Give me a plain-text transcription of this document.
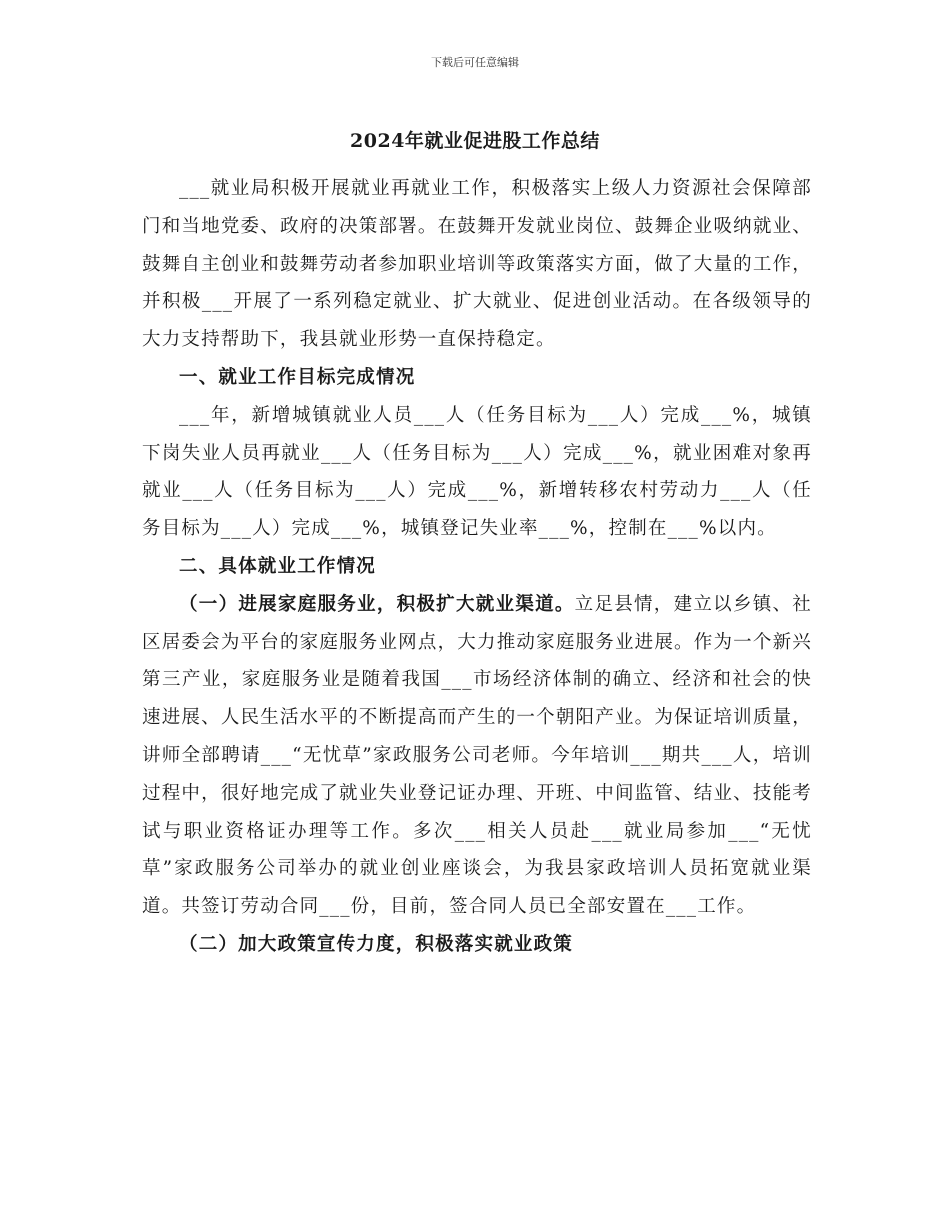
下载后可任意编辑
2024年就业促进股工作总结

___就业局积极开展就业再就业工作，积极落实上级人力资源社会保障部门和当地党委、政府的决策部署。在鼓舞开发就业岗位、鼓舞企业吸纳就业、鼓舞自主创业和鼓舞劳动者参加职业培训等政策落实方面，做了大量的工作，并积极___开展了一系列稳定就业、扩大就业、促进创业活动。在各级领导的大力支持帮助下，我县就业形势一直保持稳定。

一、就业工作目标完成情况

___年，新增城镇就业人员___人（任务目标为___人）完成___%，城镇下岗失业人员再就业___人（任务目标为___人）完成___%，就业困难对象再就业___人（任务目标为___人）完成___%，新增转移农村劳动力___人（任务目标为___人）完成___%，城镇登记失业率___%，控制在___%以内。

二、具体就业工作情况

（一）进展家庭服务业，积极扩大就业渠道。立足县情，建立以乡镇、社区居委会为平台的家庭服务业网点，大力推动家庭服务业进展。作为一个新兴第三产业，家庭服务业是随着我国___市场经济体制的确立、经济和社会的快速进展、人民生活水平的不断提高而产生的一个朝阳产业。为保证培训质量，讲师全部聘请___“无忧草”家政服务公司老师。今年培训___期共___人，培训过程中，很好地完成了就业失业登记证办理、开班、中间监管、结业、技能考试与职业资格证办理等工作。多次___相关人员赴___就业局参加___“无忧草”家政服务公司举办的就业创业座谈会，为我县家政培训人员拓宽就业渠道。共签订劳动合同___份，目前，签合同人员已全部安置在___工作。

（二）加大政策宣传力度，积极落实就业政策
